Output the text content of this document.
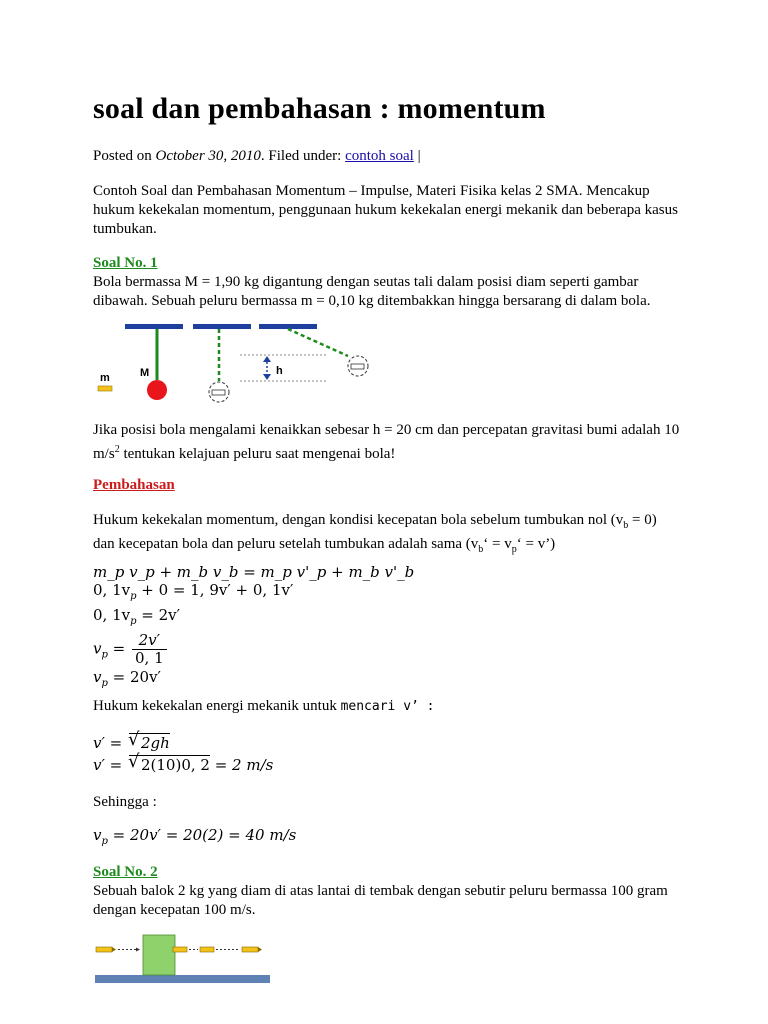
soal dan pembahasan : momentum
Posted on October 30, 2010. Filed under: contoh soal |
Contoh Soal dan Pembahasan Momentum – Impulse, Materi Fisika kelas 2 SMA. Mencakup hukum kekekalan momentum, penggunaan hukum kekekalan energi mekanik dan beberapa kasus tumbukan.
Soal No. 1
Bola bermassa M = 1,90 kg digantung dengan seutas tali dalam posisi diam seperti gambar dibawah. Sebuah peluru bermassa m = 0,10 kg ditembakkan hingga bersarang di dalam bola.
M
m
h
Jika posisi bola mengalami kenaikkan sebesar h = 20 cm dan percepatan gravitasi bumi adalah 10 $m/s^2$ tentukan kelajuan peluru saat mengenai bola!
Pembahasan
Hukum kekekalan momentum, dengan kondisi kecepatan bola sebelum tumbukan nol $(v_b = 0)$
dan kecepatan bola dan peluru setelah tumbukan adalah sama ($v_b‘$ = $v_p‘$ = v’)
m_p v_p + m_b v_b = m_p v'_p + m_b v'_b
0, $1v_p + 0 = 1$, 9v′ + 0, 1v′
0, $1v_p = 2v'$
$v_p = \frac{2v'}{0, 1}$
$v_p = 20v'$
Hukum kekekalan energi mekanik untuk mencari v’ :
v′ = √ 2gh
v′ = √ 2(10)0, 2 = 2 m/s
Sehingga :
$v_p = 20v' = 20(2) = 40$ m/s
Soal No. 2
Sebuah balok 2 kg yang diam di atas lantai di tembak dengan sebutir peluru bermassa 100 gram dengan kecepatan 100 m/s.
